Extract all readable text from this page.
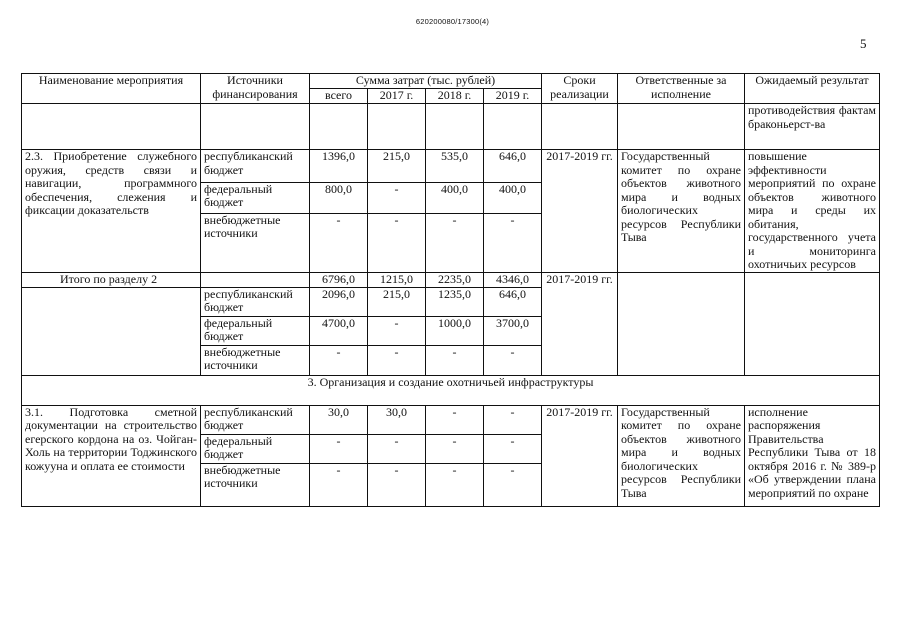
620200080/17300(4)
5
Наименование мероприятия	Источники финансирования	Сумма затрат (тыс. рублей)				Сроки реализации	Ответственные за исполнение	Ожидаемый результат
		всего	2017 г.	2018 г.	2019 г.			
								противодействия фактам браконьерст-ва
2.3. Приобретение служебного оружия, средств связи и навигации, программного обеспечения, слежения и фиксации доказательств	республиканский бюджет	1396,0	215,0	535,0	646,0	2017-2019 гг.	Государственный комитет по охране объектов животного мира и водных биологических ресурсов Республики Тыва	повышение эффективности мероприятий по охране объектов животного мира и среды их обитания, государственного учета и мониторинга охотничьих ресурсов
	федеральный бюджет	800,0	-	400,0	400,0			
	внебюджетные источники	-	-	-	-			
Итого по разделу 2		6796,0	1215,0	2235,0	4346,0	2017-2019 гг.		
	республиканский бюджет	2096,0	215,0	1235,0	646,0			
	федеральный бюджет	4700,0	-	1000,0	3700,0			
	внебюджетные источники	-	-	-	-			
3. Организация и создание охотничьей инфраструктуры								
3.1. Подготовка сметной документации на строительство егерского кордона на оз. Чойган-Холь на территории Тоджинского кожууна и оплата ее стоимости	республиканский бюджет	30,0	30,0	-	-	2017-2019 гг.	Государственный комитет по охране объектов животного мира и водных биологических ресурсов Республики Тыва	исполнение распоряжения Правительства Республики Тыва от 18 октября 2016 г. № 389-р «Об утверждении плана мероприятий по охране
	федеральный бюджет	-	-	-	-			
	внебюджетные источники	-	-	-	-			
